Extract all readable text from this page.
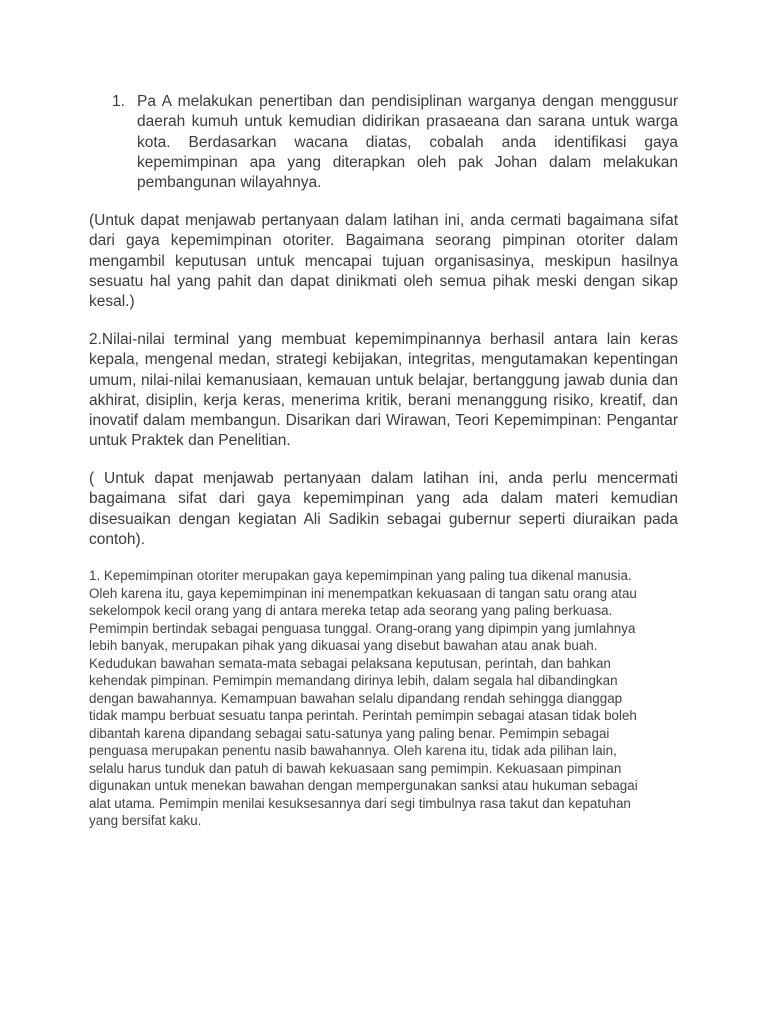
1. Pa A melakukan penertiban dan pendisiplinan warganya dengan menggusur daerah kumuh untuk kemudian didirikan prasaeana dan sarana untuk warga kota. Berdasarkan wacana diatas, cobalah anda identifikasi gaya kepemimpinan apa yang diterapkan oleh pak Johan dalam melakukan pembangunan wilayahnya.

(Untuk dapat menjawab pertanyaan dalam latihan ini, anda cermati bagaimana sifat dari gaya kepemimpinan otoriter. Bagaimana seorang pimpinan otoriter dalam mengambil keputusan untuk mencapai tujuan organisasinya, meskipun hasilnya sesuatu hal yang pahit dan dapat dinikmati oleh semua pihak meski dengan sikap kesal.)

2.Nilai-nilai terminal yang membuat kepemimpinannya berhasil antara lain keras kepala, mengenal medan, strategi kebijakan, integritas, mengutamakan kepentingan umum, nilai-nilai kemanusiaan, kemauan untuk belajar, bertanggung jawab dunia dan akhirat, disiplin, kerja keras, menerima kritik, berani menanggung risiko, kreatif, dan inovatif dalam membangun. Disarikan dari Wirawan, Teori Kepemimpinan: Pengantar untuk Praktek dan Penelitian.

( Untuk dapat menjawab pertanyaan dalam latihan ini, anda perlu mencermati bagaimana sifat dari gaya kepemimpinan yang ada dalam materi kemudian disesuaikan dengan kegiatan Ali Sadikin sebagai gubernur seperti diuraikan pada contoh).

1. Kepemimpinan otoriter merupakan gaya kepemimpinan yang paling tua dikenal manusia. Oleh karena itu, gaya kepemimpinan ini menempatkan kekuasaan di tangan satu orang atau sekelompok kecil orang yang di antara mereka tetap ada seorang yang paling berkuasa. Pemimpin bertindak sebagai penguasa tunggal. Orang-orang yang dipimpin yang jumlahnya lebih banyak, merupakan pihak yang dikuasai yang disebut bawahan atau anak buah. Kedudukan bawahan semata-mata sebagai pelaksana keputusan, perintah, dan bahkan kehendak pimpinan. Pemimpin memandang dirinya lebih, dalam segala hal dibandingkan dengan bawahannya. Kemampuan bawahan selalu dipandang rendah sehingga dianggap tidak mampu berbuat sesuatu tanpa perintah. Perintah pemimpin sebagai atasan tidak boleh dibantah karena dipandang sebagai satu-satunya yang paling benar. Pemimpin sebagai penguasa merupakan penentu nasib bawahannya. Oleh karena itu, tidak ada pilihan lain, selalu harus tunduk dan patuh di bawah kekuasaan sang pemimpin. Kekuasaan pimpinan digunakan untuk menekan bawahan dengan mempergunakan sanksi atau hukuman sebagai alat utama. Pemimpin menilai kesuksesannya dari segi timbulnya rasa takut dan kepatuhan yang bersifat kaku.
